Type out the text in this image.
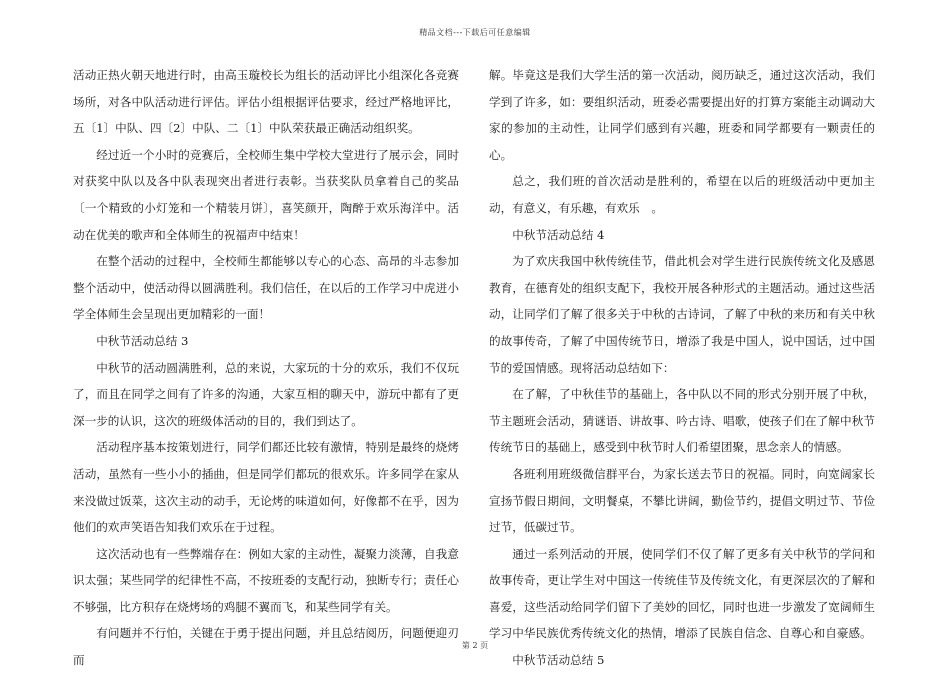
精品文档---下载后可任意编辑

活动正热火朝天地进行时，由高玉璇校长为组长的活动评比小组深化各竞赛场所，对各中队活动进行评估。评估小组根据评估要求，经过严格地评比，五〔1〕中队、四〔2〕中队、二〔1〕中队荣获最正确活动组织奖。

经过近一个小时的竞赛后，全校师生集中学校大堂进行了展示会，同时对获奖中队以及各中队表现突出者进行表彰。当获奖队员拿着自己的奖品〔一个精致的小灯笼和一个精装月饼〕，喜笑颜开，陶醉于欢乐海洋中。活动在优美的歌声和全体师生的祝福声中结束！

在整个活动的过程中，全校师生都能够以专心的心态、高昂的斗志参加整个活动中，使活动得以圆满胜利。我们信任，在以后的工作学习中虎迸小学全体师生会呈现出更加精彩的一面！

中秋节活动总结 3

中秋节的活动圆满胜利，总的来说，大家玩的十分的欢乐，我们不仅玩了，而且在同学之间有了许多的沟通，大家互相的聊天中，游玩中都有了更深一步的认识，这次的班级体活动的目的，我们到达了。

活动程序基本按策划进行，同学们都还比较有激情，特别是最终的烧烤活动，虽然有一些小小的插曲，但是同学们都玩的很欢乐。许多同学在家从来没做过饭菜，这次主动的动手，无论烤的味道如何，好像都不在乎，因为他们的欢声笑语告知我们欢乐在于过程。

这次活动也有一些弊端存在：例如大家的主动性，凝聚力淡薄，自我意识太强；某些同学的纪律性不高，不按班委的支配行动，独断专行；责任心不够强，比方积存在烧烤场的鸡腿不翼而飞，和某些同学有关。

有问题并不行怕，关键在于勇于提出问题，并且总结阅历，问题便迎刃而

解。毕竟这是我们大学生活的第一次活动，阅历缺乏，通过这次活动，我们学到了许多，如：要组织活动，班委必需要提出好的打算方案能主动调动大家的参加的主动性，让同学们感到有兴趣，班委和同学都要有一颗责任的心。

总之，我们班的首次活动是胜利的，希望在以后的班级活动中更加主动，有意义，有乐趣，有欢乐　。

中秋节活动总结 4

为了欢庆我国中秋传统佳节，借此机会对学生进行民族传统文化及感恩教育，在德育处的组织支配下，我校开展各种形式的主题活动。通过这些活动，让同学们了解了很多关于中秋的古诗词，了解了中秋的来历和有关中秋的故事传奇，了解了中国传统节日，增添了我是中国人，说中国话，过中国节的爱国情感。现将活动总结如下：

在了解，了中秋佳节的基础上，各中队以不同的形式分别开展了中秋，节主题班会活动，猜谜语、讲故事、吟古诗、唱歌，使孩子们在了解中秋节传统节日的基础上，感受到中秋节时人们希望团聚，思念亲人的情感。

各班利用班级微信群平台，为家长送去节日的祝福。同时，向宽阔家长宣扬节假日期间，文明餐桌，不攀比讲阔，勤俭节约，提倡文明过节、节俭过节，低碳过节。

通过一系列活动的开展，使同学们不仅了解了更多有关中秋节的学问和故事传奇，更让学生对中国这一传统佳节及传统文化，有更深层次的了解和喜爱，这些活动给同学们留下了美妙的回忆，同时也进一步激发了宽阔师生学习中华民族优秀传统文化的热情，增添了民族自信念、自尊心和自豪感。

中秋节活动总结 5

第 2 页
